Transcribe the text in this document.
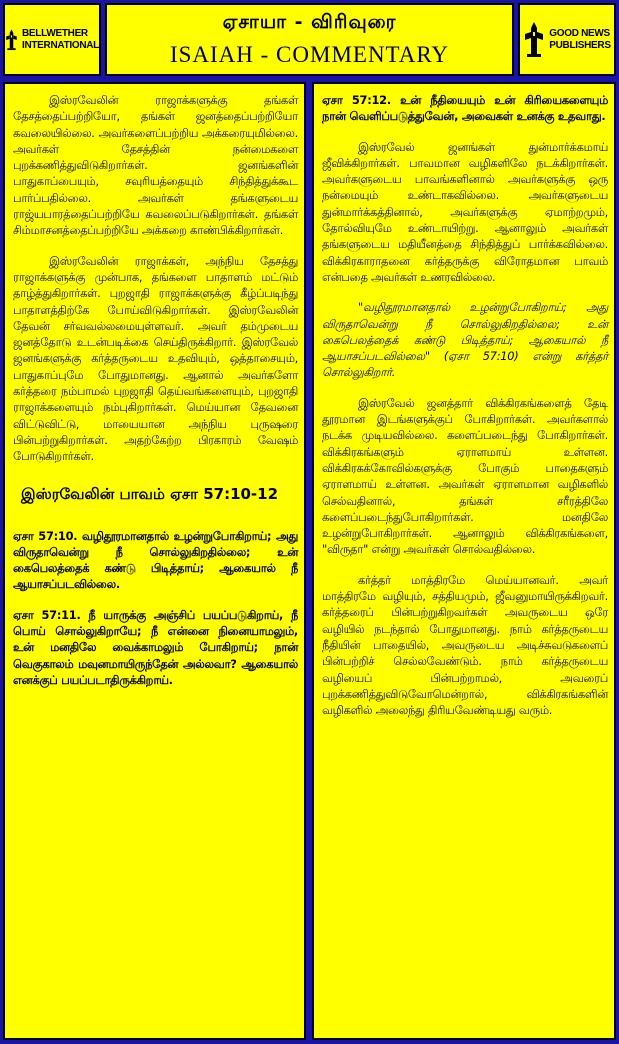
BELLWETHER
INTERNATIONAL
ஏசாயா - விரிவுரை
ISAIAH - COMMENTARY
GOOD NEWS
PUBLISHERS

இஸ்ரவேலின் ராஜாக்களுக்கு தங்கள் தேசத்தைப்பற்றியோ, தங்கள் ஜனத்தைப்பற்றியோ கவலையில்லை. அவர்களைப்பற்றிய அக்கரையுமில்லை. அவர்கள் தேசத்தின் நன்மைகளை புறக்கணித்துவிடுகிறார்கள். ஜனங்களின் பாதுகாப்பையும், சவுரியத்தையும் சிந்தித்துக்கூட பார்ப்பதில்லை. அவர்கள் தங்களுடைய ராஜ்யபாரத்தைப்பற்றியே கவலைப்படுகிறார்கள். தங்கள் சிம்மாசனத்தைப்பற்றியே அக்கறை காண்பிக்கிறார்கள்.

இஸ்ரவேலின் ராஜாக்கள், அந்நிய தேசத்து ராஜாக்களுக்கு முன்பாக, தங்களை பாதாளம் மட்டும் தாழ்த்துகிறார்கள். புறஜாதி ராஜாக்களுக்கு கீழ்ப்படிந்து பாதாளத்திற்கே போய்விடுகிறார்கள். இஸ்ரவேலின் தேவன் சர்வவல்லமையுள்ளவர். அவர் தம்முடைய ஜனத்தோடு உடன்படிக்கை செய்திருக்கிறார். இஸ்ரவேல் ஜனங்களுக்கு கர்த்தருடைய உதவியும், ஒத்தாசையும், பாதுகாப்புமே போதுமானது. ஆனால் அவர்களோ கர்த்தரை நம்பாமல் புறஜாதி தெய்வங்களையும், புறஜாதி ராஜாக்களையும் நம்புகிறார்கள். மெய்யான தேவனை விட்டுவிட்டு, மாயையான அந்நிய புருஷரை பின்பற்றுகிறார்கள். அதற்கேற்ற பிரகாரம் வேஷம் போடுகிறார்கள்.

இஸ்ரவேலின் பாவம் ஏசா 57:10-12

ஏசா 57:10. வழிதூரமானதால் உழன்றுபோகிறாய்; அது விருதாவென்று நீ சொல்லுகிறதில்லை; உன் கைபெலத்தைக் கண்டு பிடித்தாய்; ஆகையால் நீ ஆயாசப்படவில்லை.

ஏசா 57:11. நீ யாருக்கு அஞ்சிப் பயப்படுகிறாய், நீ பொய் சொல்லுகிறாயே; நீ என்னை நினையாமலும், உன் மனதிலே வைக்காமலும் போகிறாய்; நான் வெகுகாலம் மவுனமாயிருந்தேன் அல்லவா? ஆகையால் எனக்குப் பயப்படாதிருக்கிறாய்.

ஏசா 57:12. உன் நீதியையும் உன் கிரியைகளையும் நான் வெளிப்படுத்துவேன், அவைகள் உனக்கு உதவாது.

இஸ்ரவேல் ஜனங்கள் துன்மார்க்கமாய் ஜீவிக்கிறார்கள். பாவமான வழிகளிலே நடக்கிறார்கள். அவர்களுடைய பாவங்களினால் அவர்களுக்கு ஒரு நன்மையும் உண்டாகவில்லை. அவர்களுடைய துன்மார்க்கத்தினால், அவர்களுக்கு ஏமாற்றமும், தோல்வியுமே உண்டாயிற்று. ஆனாலும் அவர்கள் தங்களுடைய மதியீனத்தை சிந்தித்துப் பார்க்கவில்லை. விக்கிரகாராதனை கர்த்தருக்கு விரோதமான பாவம் என்பதை அவர்கள் உணரவில்லை.

"வழிதூரமானதால் உழன்றுபோகிறாய்; அது விருதாவென்று நீ சொல்லுகிறதில்லை; உன் கைபெலத்தைக் கண்டு பிடித்தாய்; ஆகையால் நீ ஆயாசப்படவில்லை" (ஏசா 57:10) என்று கர்த்தர் சொல்லுகிறார்.

இஸ்ரவேல் ஜனத்தார் விக்கிரகங்களைத் தேடி தூரமான இடங்களுக்குப் போகிறார்கள். அவர்களால் நடக்க முடியவில்லை. களைப்படைந்து போகிறார்கள். விக்கிரகங்களும் ஏராளமாய் உள்ளன. விக்கிரகக்கோவில்களுக்கு போகும் பாதைகளும் ஏராளமாய் உள்ளன. அவர்கள் ஏராளமான வழிகளில் செல்வதினால், தங்கள் சரீரத்திலே களைப்படைந்துபோகிறார்கள். மனதிலே உழன்றுபோகிறார்கள். ஆனாலும் விக்கிரகங்களை, "விருதா" என்று அவர்கள் சொல்வதில்லை.

கர்த்தர் மாத்திரமே மெய்யானவர். அவர் மாத்திரமே வழியும், சத்தியமும், ஜீவனுமாயிருக்கிறவர். கர்த்தரைப் பின்பற்றுகிறவர்கள் அவருடைய ஒரே வழியில் நடந்தால் போதுமானது. நாம் கர்த்தருடைய நீதியின் பாதையில், அவருடைய அடிச்சுவடுகளைப் பின்பற்றிச் செல்லவேண்டும். நாம் கர்த்தருடைய வழியைப் பின்பற்றாமல், அவரைப் புறக்கணித்துவிடுவோமென்றால், விக்கிரகங்களின் வழிகளில் அலைந்து திரியவேண்டியது வரும்.
